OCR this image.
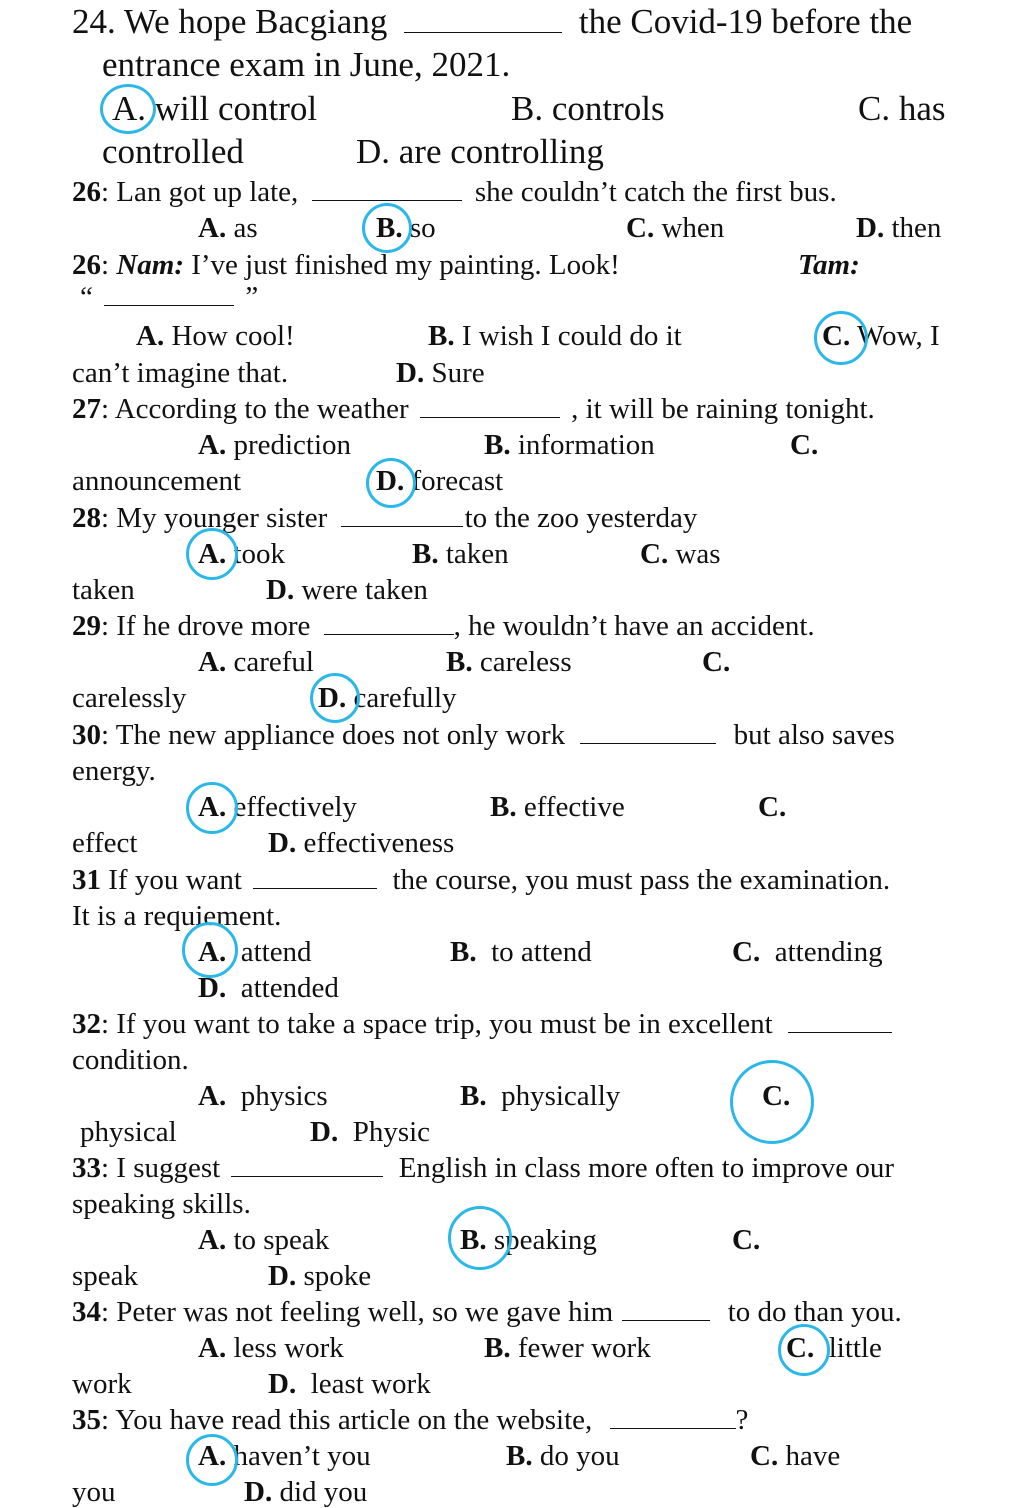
24. We hope Bacgiang	the Covid-19 before the
entrance exam in June, 2021.
A. will control	B. controls	C. has
controlled	D. are controlling
26: Lan got up late,	she couldn’t catch the first bus.
A. as	B. so	C. when	D. then
26: Nam: I’ve just finished my painting. Look!	Tam:
“	”
A. How cool!	B. I wish I could do it	C. Wow, I
can’t imagine that.	D. Sure
27: According to the weather	, it will be raining tonight.
A. prediction	B. information	C.
announcement	D. forecast
28: My younger sister	to the zoo yesterday
A. took	B. taken	C. was
taken	D. were taken
29: If he drove more	, he wouldn’t have an accident.
A. careful	B. careless	C.
carelessly	D. carefully
30: The new appliance does not only work	but also saves
energy.
A. effectively	B. effective	C.
effect	D. effectiveness
31 If you want	the course, you must pass the examination.
It is a requiement.
A. attend	B. to attend	C. attending
D. attended
32: If you want to take a space trip, you must be in excellent
condition.
A. physics	B. physically	C.
physical	D. Physic
33: I suggest	English in class more often to improve our
speaking skills.
A. to speak	B. speaking	C.
speak	D. spoke
34: Peter was not feeling well, so we gave him	to do than you.
A. less work	B. fewer work	C. little
work	D. least work
35: You have read this article on the website,	?
A. haven’t you	B. do you	C. have
you	D. did you
